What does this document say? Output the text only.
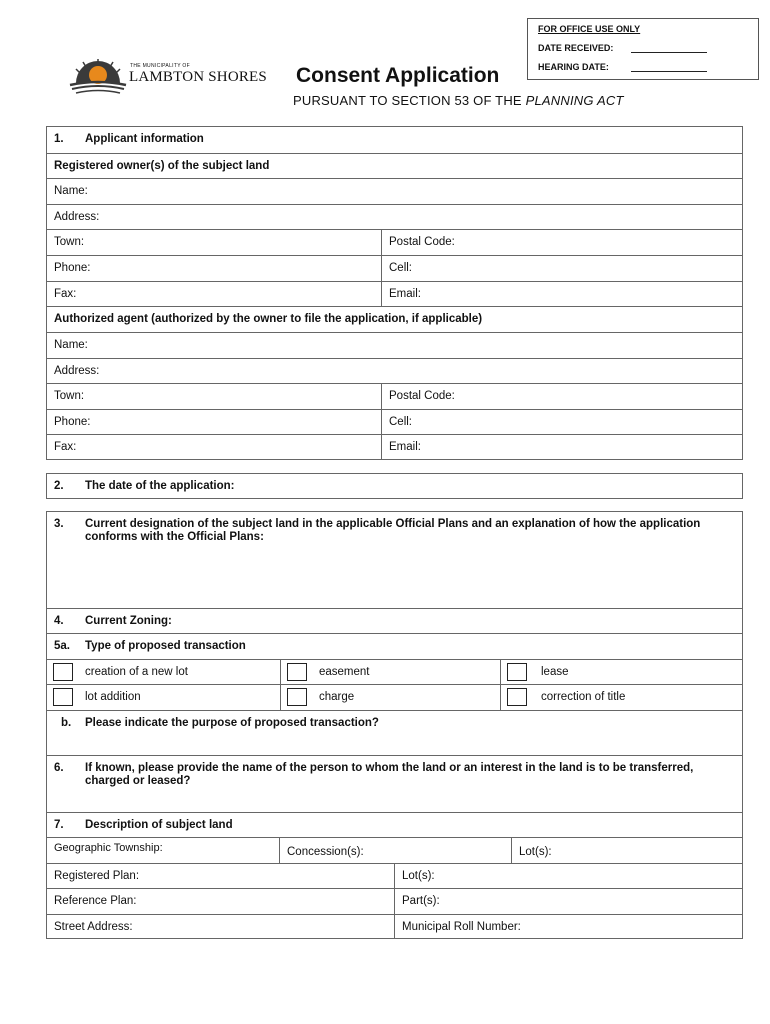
FOR OFFICE USE ONLY
DATE RECEIVED:
HEARING DATE:
THE MUNICIPALITY OF
LAMBTON SHORES Consent Application
PURSUANT TO SECTION 53 OF THE PLANNING ACT
1. Applicant information
Registered owner(s) of the subject land
Name:
Address:
Town:	Postal Code:
Phone:	Cell:
Fax:	Email:
Authorized agent (authorized by the owner to file the application, if applicable)
Name:
Address:
Town:	Postal Code:
Phone:	Cell:
Fax:	Email:
2. The date of the application:
3. Current designation of the subject land in the applicable Official Plans and an explanation of how the application conforms with the Official Plans:
4. Current Zoning:
5a. Type of proposed transaction
creation of a new lot	easement	lease
lot addition	charge	correction of title
b. Please indicate the purpose of proposed transaction?
6. If known, please provide the name of the person to whom the land or an interest in the land is to be transferred, charged or leased?
7. Description of subject land
Geographic Township:	Concession(s):	Lot(s):
Registered Plan:	Lot(s):
Reference Plan:	Part(s):
Street Address:	Municipal Roll Number:
